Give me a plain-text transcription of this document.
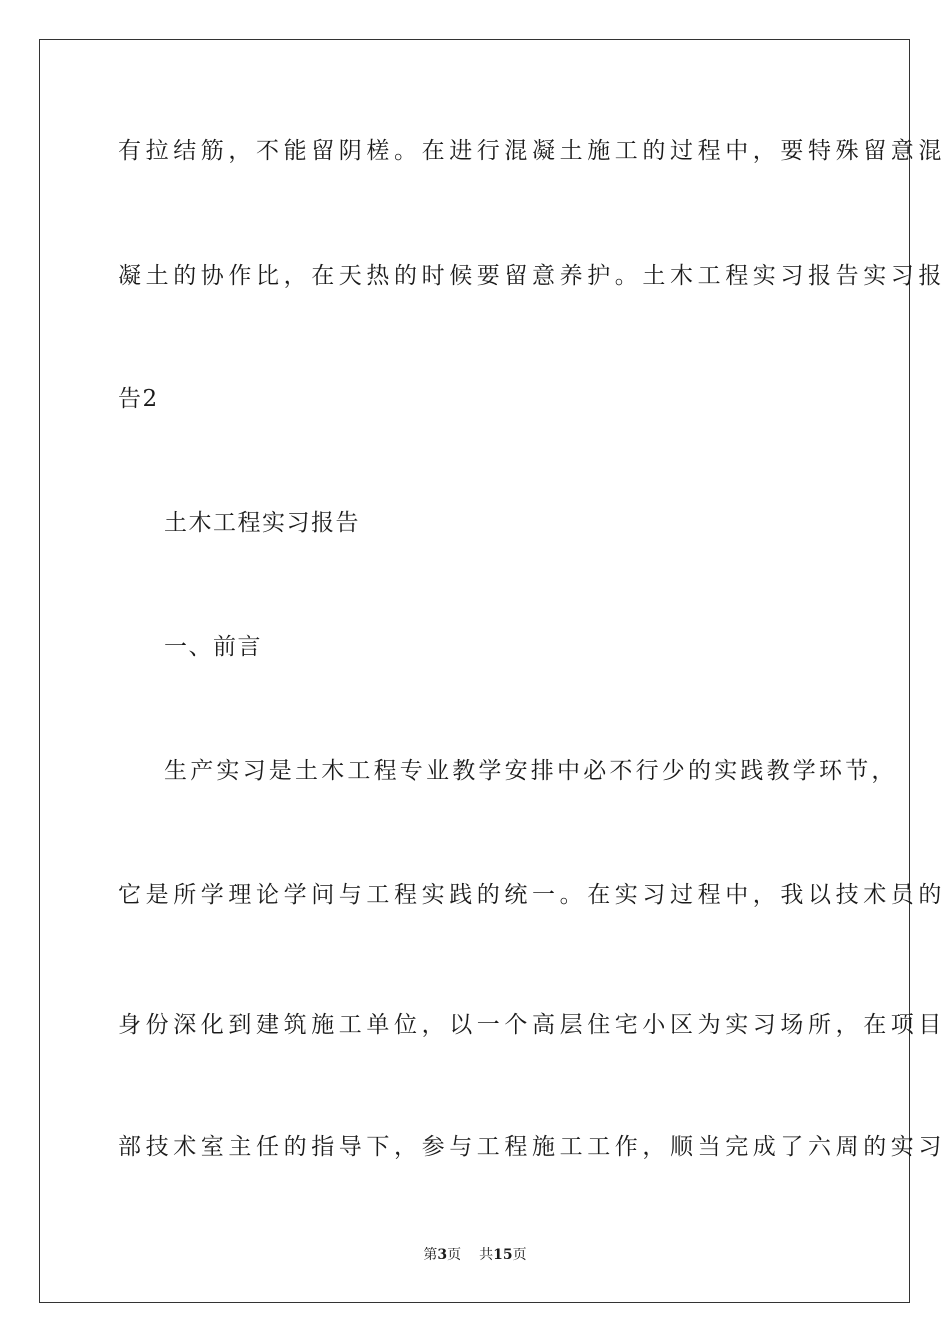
有拉结筋，不能留阴槎。在进行混凝土施工的过程中，要特殊留意混
凝土的协作比，在天热的时候要留意养护。土木工程实习报告实习报
告2
土木工程实习报告
一、前言
生产实习是土木工程专业教学安排中必不行少的实践教学环节，
它是所学理论学问与工程实践的统一。在实习过程中，我以技术员的
身份深化到建筑施工单位，以一个高层住宅小区为实习场所，在项目
部技术室主任的指导下，参与工程施工工作，顺当完成了六周的实习
第3页 共15页
